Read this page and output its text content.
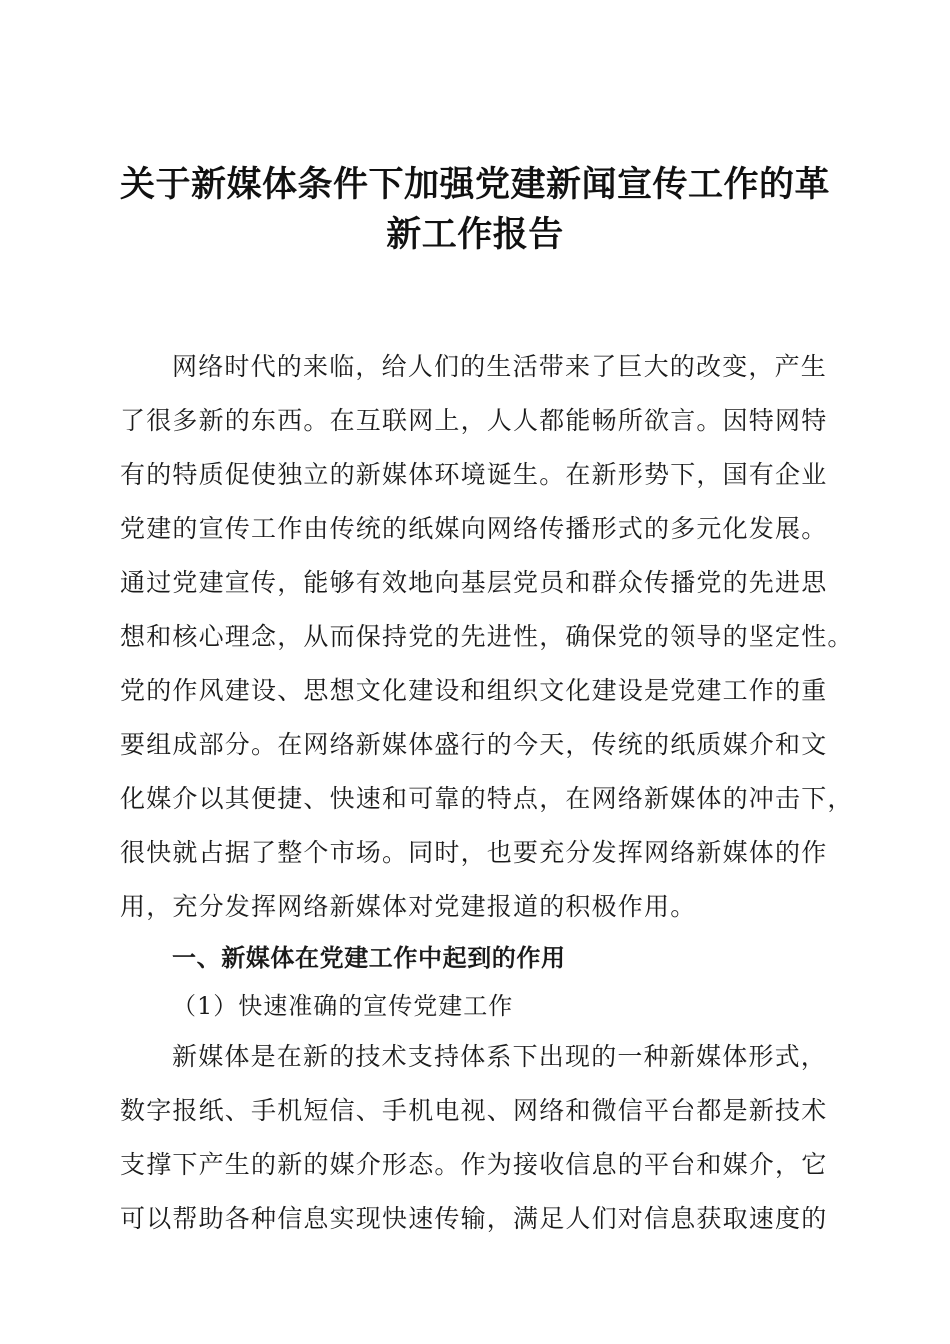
关于新媒体条件下加强党建新闻宣传工作的革
新工作报告
网络时代的来临，给人们的生活带来了巨大的改变，产生
了很多新的东西。在互联网上，人人都能畅所欲言。因特网特
有的特质促使独立的新媒体环境诞生。在新形势下，国有企业
党建的宣传工作由传统的纸媒向网络传播形式的多元化发展。
通过党建宣传，能够有效地向基层党员和群众传播党的先进思
想和核心理念，从而保持党的先进性，确保党的领导的坚定性。
党的作风建设、思想文化建设和组织文化建设是党建工作的重
要组成部分。在网络新媒体盛行的今天，传统的纸质媒介和文
化媒介以其便捷、快速和可靠的特点，在网络新媒体的冲击下，
很快就占据了整个市场。同时，也要充分发挥网络新媒体的作
用，充分发挥网络新媒体对党建报道的积极作用。
一、新媒体在党建工作中起到的作用
（1）快速准确的宣传党建工作
新媒体是在新的技术支持体系下出现的一种新媒体形式，
数字报纸、手机短信、手机电视、网络和微信平台都是新技术
支撑下产生的新的媒介形态。作为接收信息的平台和媒介，它
可以帮助各种信息实现快速传输，满足人们对信息获取速度的
